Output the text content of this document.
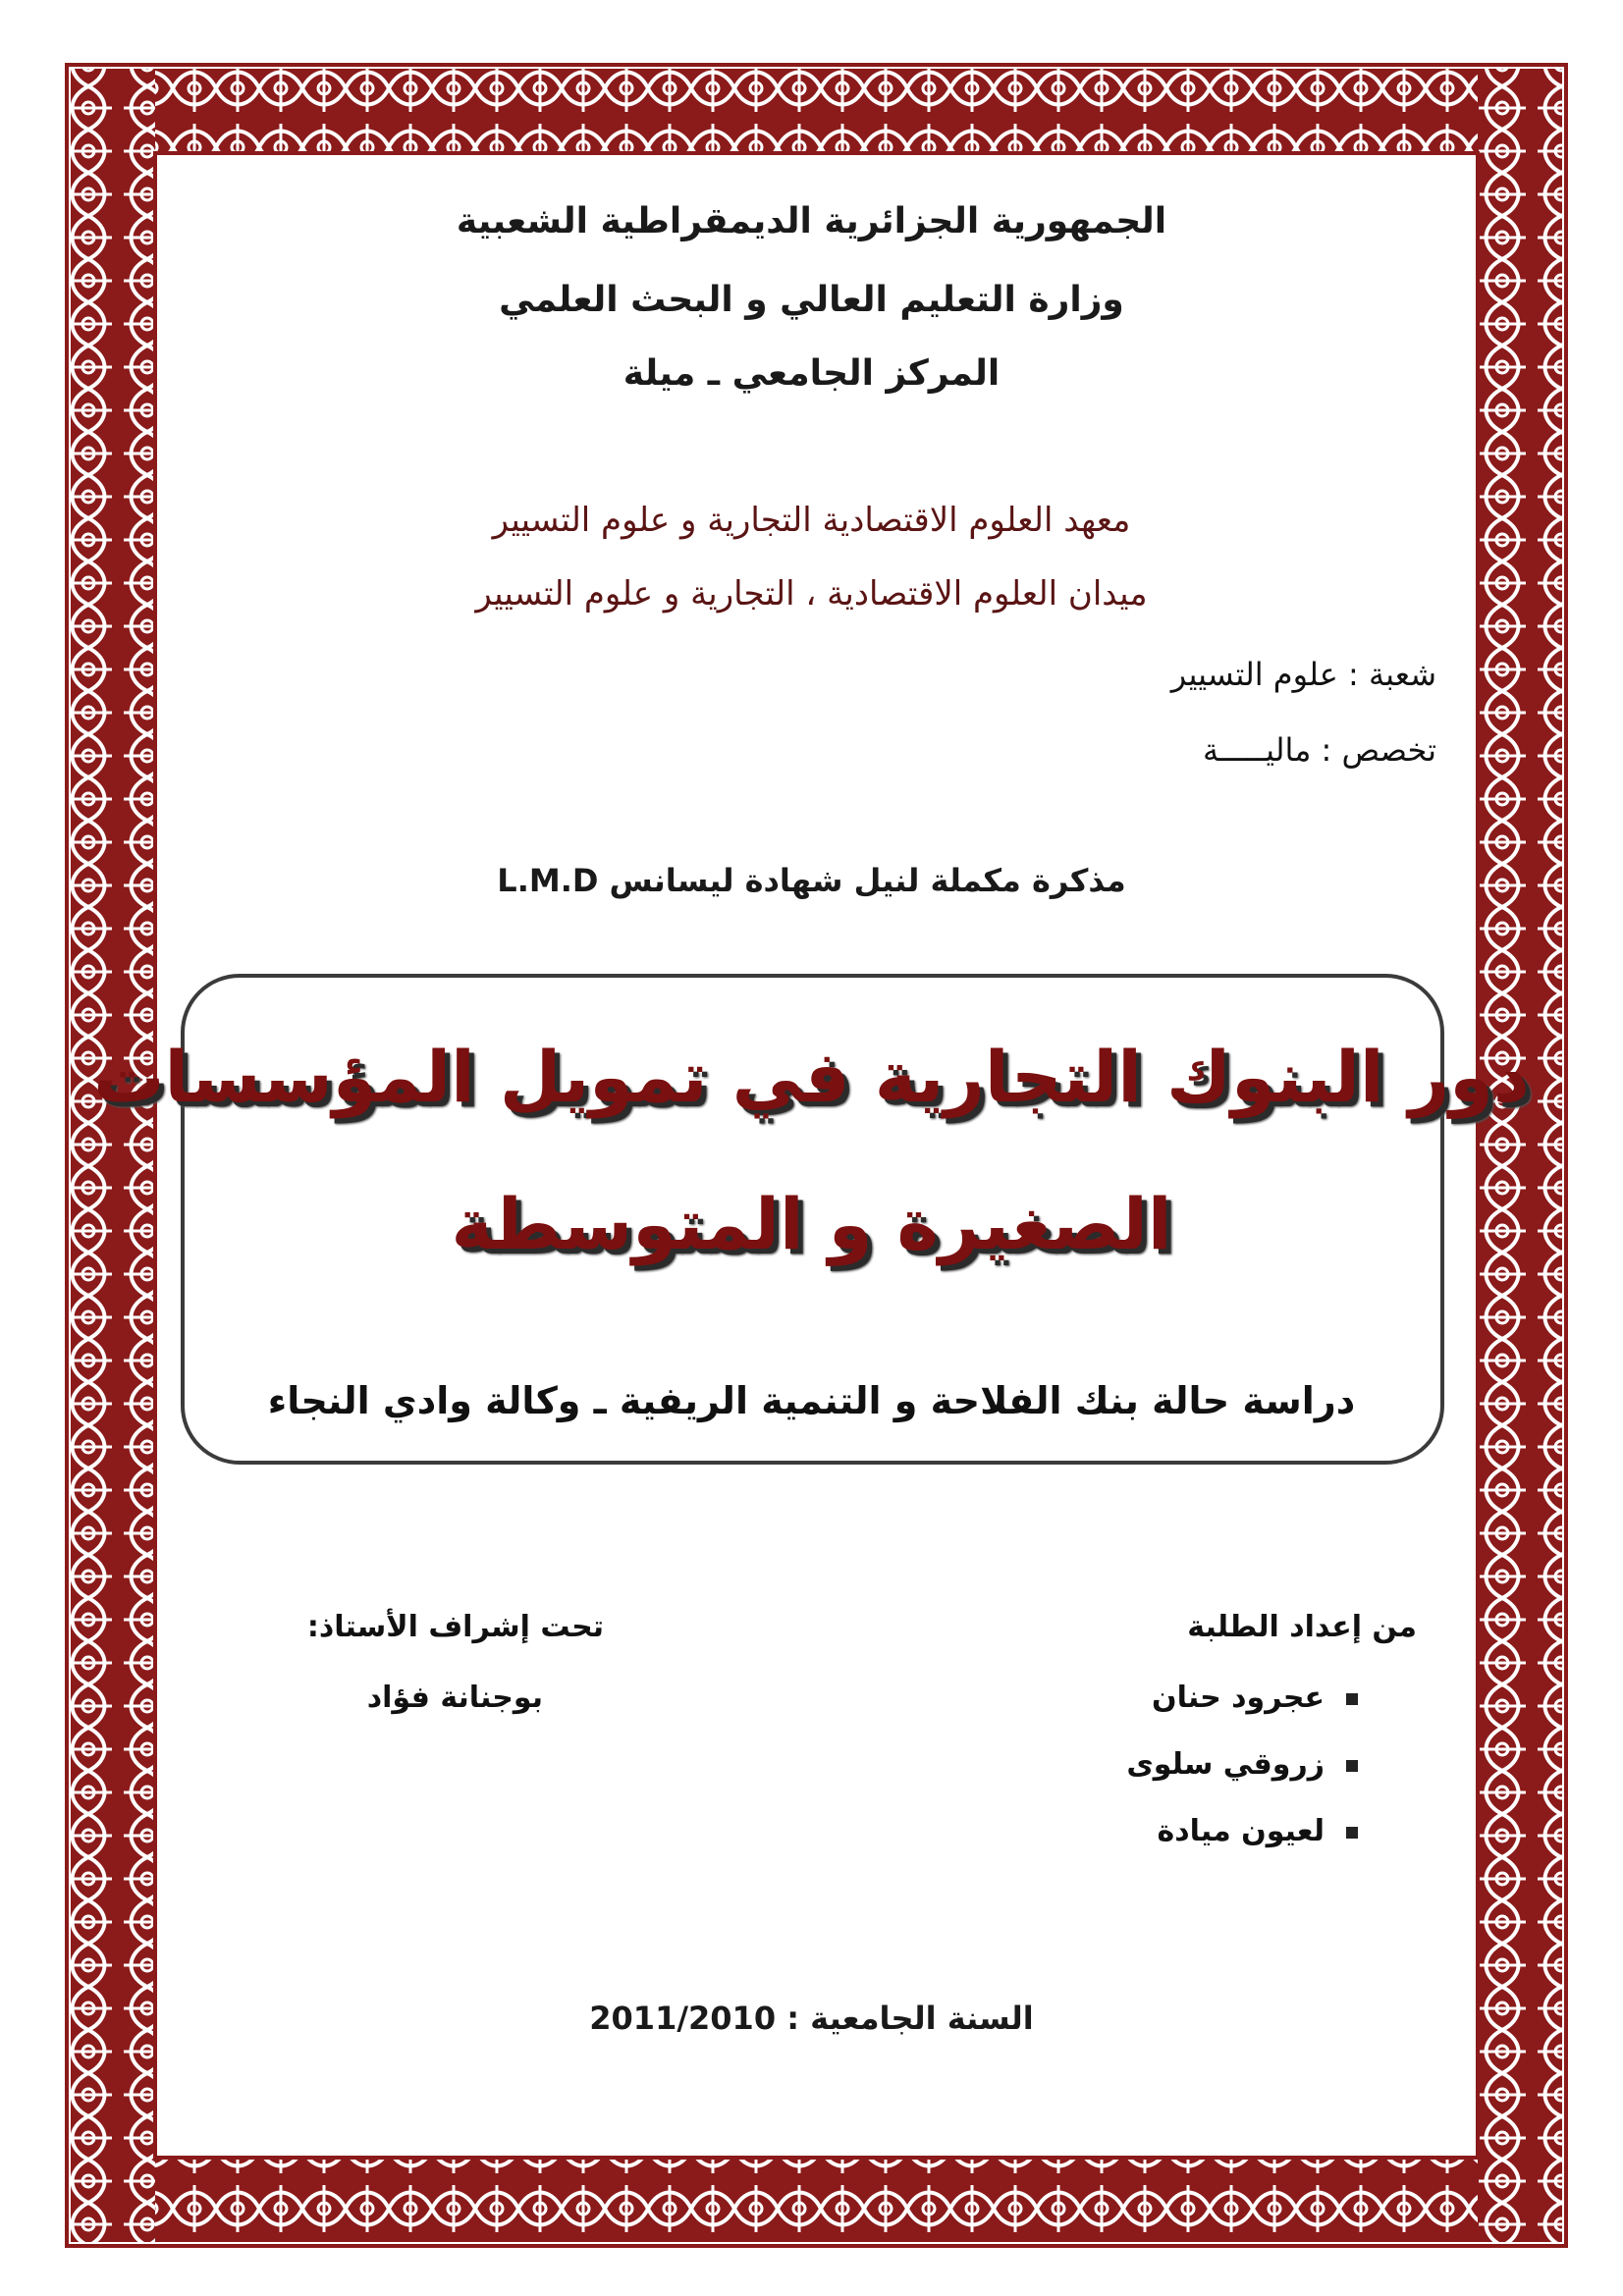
الجمهورية الجزائرية الديمقراطية الشعبية
وزارة التعليم العالي و البحث العلمي
المركز الجامعي ـ ميلة
معهد العلوم الاقتصادية التجارية و علوم التسيير
ميدان العلوم الاقتصادية ، التجارية و علوم التسيير
شعبة : علوم التسيير
تخصص : ماليـــــة
مذكرة مكملة لنيل شهادة ليسانس L.M.D
دور البنوك التجارية في تمويل المؤسسات
الصغيرة و المتوسطة
دراسة حالة بنك الفلاحة و التنمية الريفية ـ وكالة وادي النجاء
من إعداد الطلبة
عجرود حنان
زروقي سلوى
لعيون ميادة
تحت إشراف الأستاذ:
بوجنانة فؤاد
السنة الجامعية : 2011/2010
